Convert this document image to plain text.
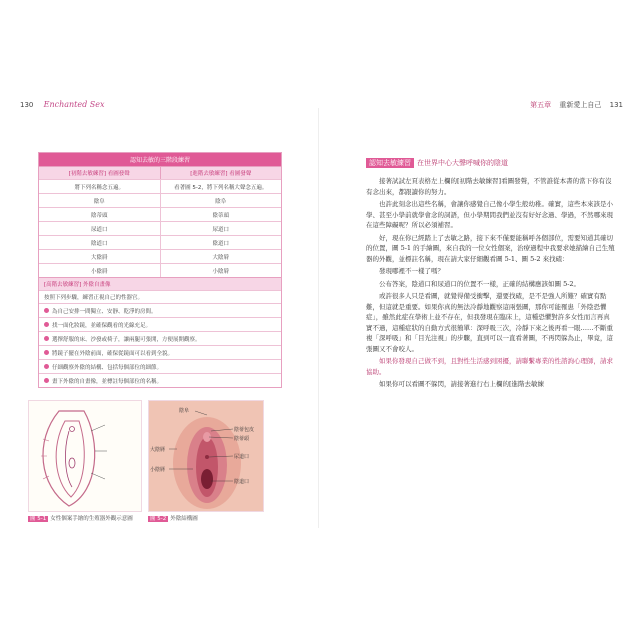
130 Enchanted Sex
認知去敏的三階段練習
[初階去敏練習] 看圖發聲	[進階去敏練習] 看圖發聲
將下列名稱念五遍。	看著圖 5-2，將下列名稱大聲念五遍。
陰阜	陰阜
陰蒂頭	陰蒂頭
尿道口	尿道口
陰道口	陰道口
大陰脣	大陰脣
小陰脣	小陰脣
[高階去敏練習] 外陰自畫像
按照下列步驟，練習正視自己的性器官。
為自己安排一間獨立、安靜、乾淨的房間。
找一面化妝鏡，並確保觀看的光線充足。
選擇舒服的床、沙發或椅子，讓兩腿可張開，方便展開觀察。
將鏡子擺在外陰前面，確保從鏡面可以看到全貌。
仔細觀察外陰的結構、包括每個部位的細節。
畫下外陰的自畫像，並標註每個部位的名稱。
陰阜
陰蒂包皮
陰蒂頭
大陰脣
尿道口
小陰脣
陰道口
圖 5-1 女性個案手繪的生殖器外觀示意圖	圖 5-2 外陰結構圖
第五章 重新愛上自己 131
認知去敏練習 在世界中心大聲呼喊你的陰道

接著試試左頁表格左上欄的[初階去敏練習]看圖發聲，不管誰從本書的當下你有沒有念出來，都跟讀你的努力。

也許此刻念出這些名稱，會讓你感覺自己像小學生般幼稚。確實，這些本來該是小學、甚至小學前就學會念的詞語，但小學期間我們並沒有好好念過、學過，不然哪來現在這些障礙呢？所以必須補習。

好，現在你已經踏上了去敏之路，接下來不僅要能稱呼各個部位，需要知道其確切的位置，圖 5-1 的手繪圖，來自我的一位女性個案，治療過程中我要求她描繪自己生殖器的外觀，並標註名稱，現在請大家仔細觀看圖 5-1、圖 5-2 來找碴：

發現哪裡不一樣了嗎？

公布答案，陰道口和尿道口的位置不一樣，正確的結構應該如圖 5-2。

或許很多人只是看圖，就覺得備受衝擊，還要找碴，是不是強人所難？確實有點難，但這就是重要。如果你真的無法冷靜地觀察這兩張圖，那你可能罹患「外陰恐懼症」，雖然此症在學術上並不存在，但我發現在臨床上，這種恐懼對許多女性而言再真實不過，這種症狀的自動方式很簡單：深呼吸三次，冷靜下來之後再看一眼……不斷重複「深呼吸」和「目光注視」的步驟，直到可以一直看著圖，不再閃躲為止，畢竟，這張圖又不會咬人。

如果你發現自己做不到，且對性生活感到困擾，請聯繫專業的性諮詢心理師，請求協助。

如果你可以看圖不躲閃，請接著進行右上欄的[進階去敏練
